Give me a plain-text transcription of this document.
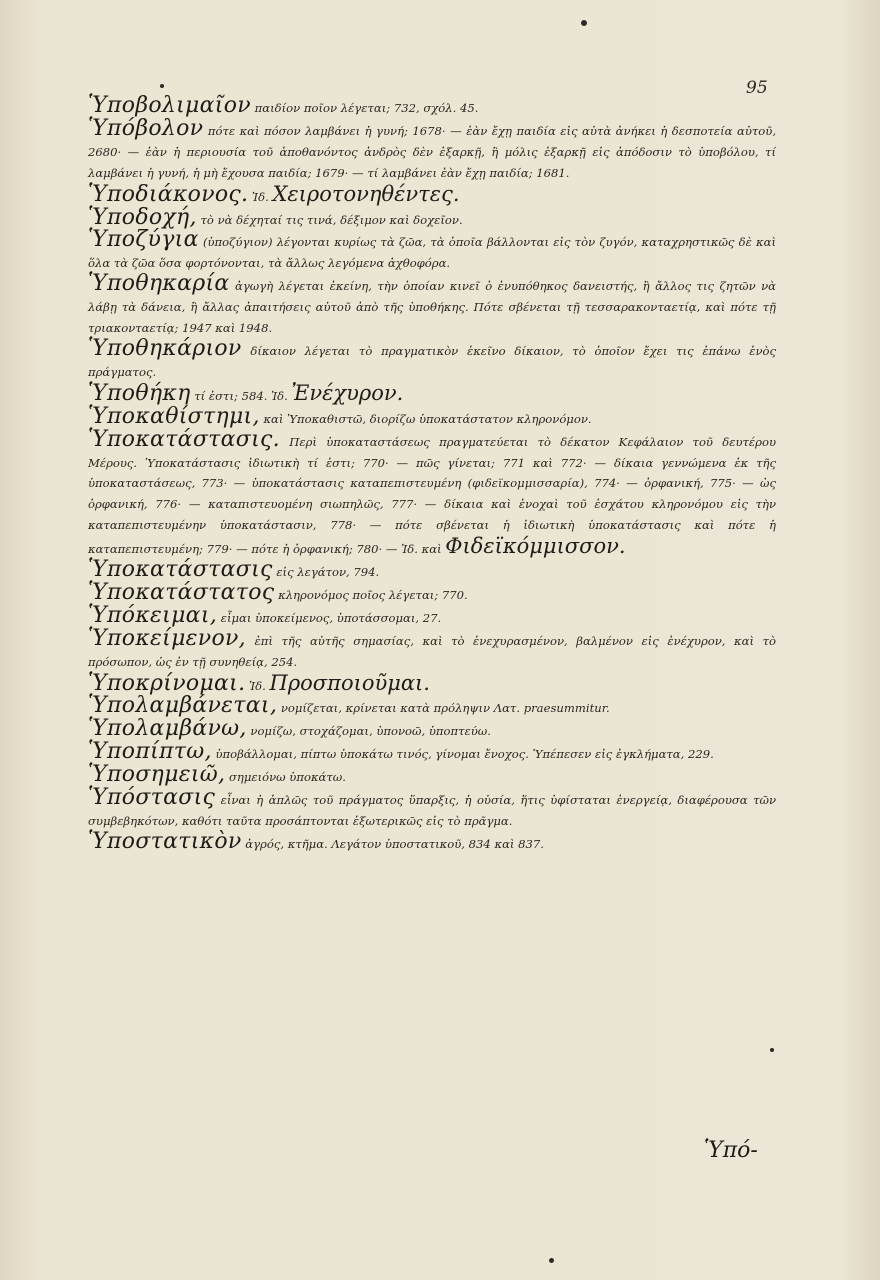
95

Ὑποβολιμαῖον παιδίον ποῖον λέγεται; 732, σχόλ. 45.

Ὑπόβολον πότε καὶ πόσον λαμβάνει ἡ γυνή; 1678· — ἐὰν ἔχῃ παιδία εἰς αὐτὰ ἀνήκει ἡ δεσποτεία αὐτοῦ, 2680· — ἐὰν ἡ περιουσία τοῦ ἀποθανόντος ἀνδρὸς δὲν ἐξαρκῇ, ἢ μόλις ἐξαρκῇ εἰς ἀπόδοσιν τὸ ὑποβόλου, τί λαμβάνει ἡ γυνή, ἡ μὴ ἔχουσα παιδία; 1679· — τί λαμβάνει ἐὰν ἔχῃ παιδία; 1681.

Ὑποδιάκονος. Ἰδ. Χειροτονηθέντες.

Ὑποδοχή, τὸ νὰ δέχηταί τις τινά, δέξιμον καὶ δοχεῖον.

Ὑποζύγια (ὑποζύγιον) λέγονται κυρίως τὰ ζῶα, τὰ ὁποῖα βάλλονται εἰς τὸν ζυγόν, καταχρηστικῶς δὲ καὶ ὅλα τὰ ζῶα ὅσα φορτόνονται, τὰ ἄλλως λεγόμενα ἀχθοφόρα.

Ὑποθηκαρία ἀγωγὴ λέγεται ἐκείνη, τὴν ὁποίαν κινεῖ ὁ ἐνυπόθηκος δανειστής, ἢ ἄλλος τις ζητῶν νὰ λάβῃ τὰ δάνεια, ἢ ἄλλας ἀπαιτήσεις αὐτοῦ ἀπὸ τῆς ὑποθήκης. Πότε σβένεται τῇ τεσσαρακονταετίᾳ, καὶ πότε τῇ τριακονταετίᾳ; 1947 καὶ 1948.

Ὑποθηκάριον δίκαιον λέγεται τὸ πραγματικὸν ἐκεῖνο δίκαιον, τὸ ὁποῖον ἔχει τις ἐπάνω ἑνὸς πράγματος.

Ὑποθήκη τί ἐστι; 584. Ἰδ. Ἐνέχυρον.

Ὑποκαθίστημι, καὶ Ὑποκαθιστῶ, διορίζω ὑποκατάστατον κληρονόμον.

Ὑποκατάστασις. Περὶ ὑποκαταστάσεως πραγματεύεται τὸ δέκατον Κεφάλαιον τοῦ δευτέρου Μέρους. Ὑποκατάστασις ἰδιωτικὴ τί ἐστι; 770· — πῶς γίνεται; 771 καὶ 772· — δίκαια γεννώμενα ἐκ τῆς ὑποκαταστάσεως, 773· — ὑποκατάστασις καταπεπιστευμένη (φιδεϊκομμισσαρία), 774· — ὀρφανική, 775· — ὡς ὀρφανική, 776· — καταπιστευομένη σιωπηλῶς, 777· — δίκαια καὶ ἐνοχαὶ τοῦ ἐσχάτου κληρονόμου εἰς τὴν καταπεπιστευμένην ὑποκατάστασιν, 778· — πότε σβένεται ἡ ἰδιωτικὴ ὑποκατάστασις καὶ πότε ἡ καταπεπιστευμένη; 779· — πότε ἡ ὀρφανική; 780· — Ἰδ. καὶ Φιδεϊκόμμισσον.

Ὑποκατάστασις εἰς λεγάτον, 794.

Ὑποκατάστατος κληρονόμος ποῖος λέγεται; 770.

Ὑπόκειμαι, εἶμαι ὑποκείμενος, ὑποτάσσομαι, 27.

Ὑποκείμενον, ἐπὶ τῆς αὐτῆς σημασίας, καὶ τὸ ἐνεχυρασμένον, βαλμένον εἰς ἐνέχυρον, καὶ τὸ πρόσωπον, ὡς ἐν τῇ συνηθείᾳ, 254.

Ὑποκρίνομαι. Ἰδ. Προσποιοῦμαι.

Ὑπολαμβάνεται, νομίζεται, κρίνεται κατὰ πρόληψιν Λατ. praesummitur.

Ὑπολαμβάνω, νομίζω, στοχάζομαι, ὑπονοῶ, ὑποπτεύω.

Ὑποπίπτω, ὑποβάλλομαι, πίπτω ὑποκάτω τινός, γίνομαι ἔνοχος. Ὑπέπεσεν εἰς ἐγκλήματα, 229.

Ὑποσημειῶ, σημειόνω ὑποκάτω.

Ὑπόστασις εἶναι ἡ ἁπλῶς τοῦ πράγματος ὕπαρξις, ἡ οὐσία, ἥτις ὑφίσταται ἐνεργείᾳ, διαφέρουσα τῶν συμβεβηκότων, καθότι ταῦτα προσάπτονται ἐξωτερικῶς εἰς τὸ πρᾶγμα.

Ὑποστατικὸν ἀγρός, κτῆμα. Λεγάτον ὑποστατικοῦ, 834 καὶ 837.

Ὑπό-
